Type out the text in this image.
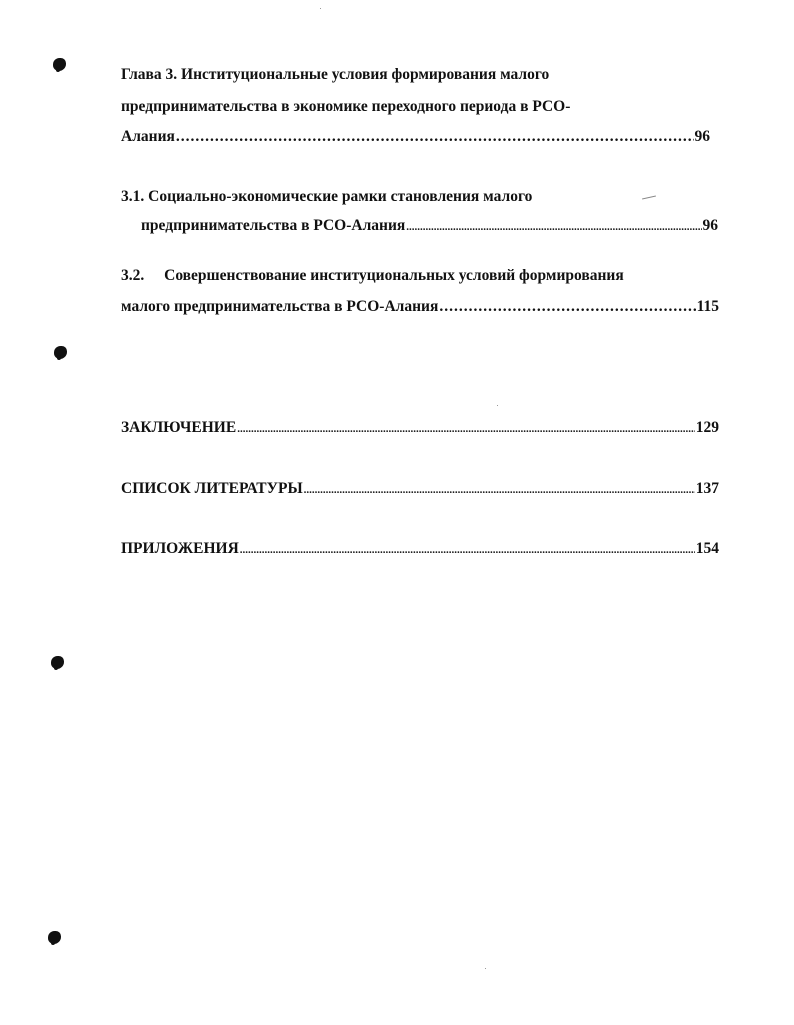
Глава 3. Институциональные условия формирования малого
предпринимательства в экономике переходного периода в РСО-
Алания .....	96
3.1. Социально-экономические рамки становления малого
предпринимательства в РСО-Алания .....	96
3.2. Совершенствование институциональных условий формирования
малого предпринимательства в РСО-Алания .....	115
ЗАКЛЮЧЕНИЕ .....	129
СПИСОК ЛИТЕРАТУРЫ .....	137
ПРИЛОЖЕНИЯ .....	154
